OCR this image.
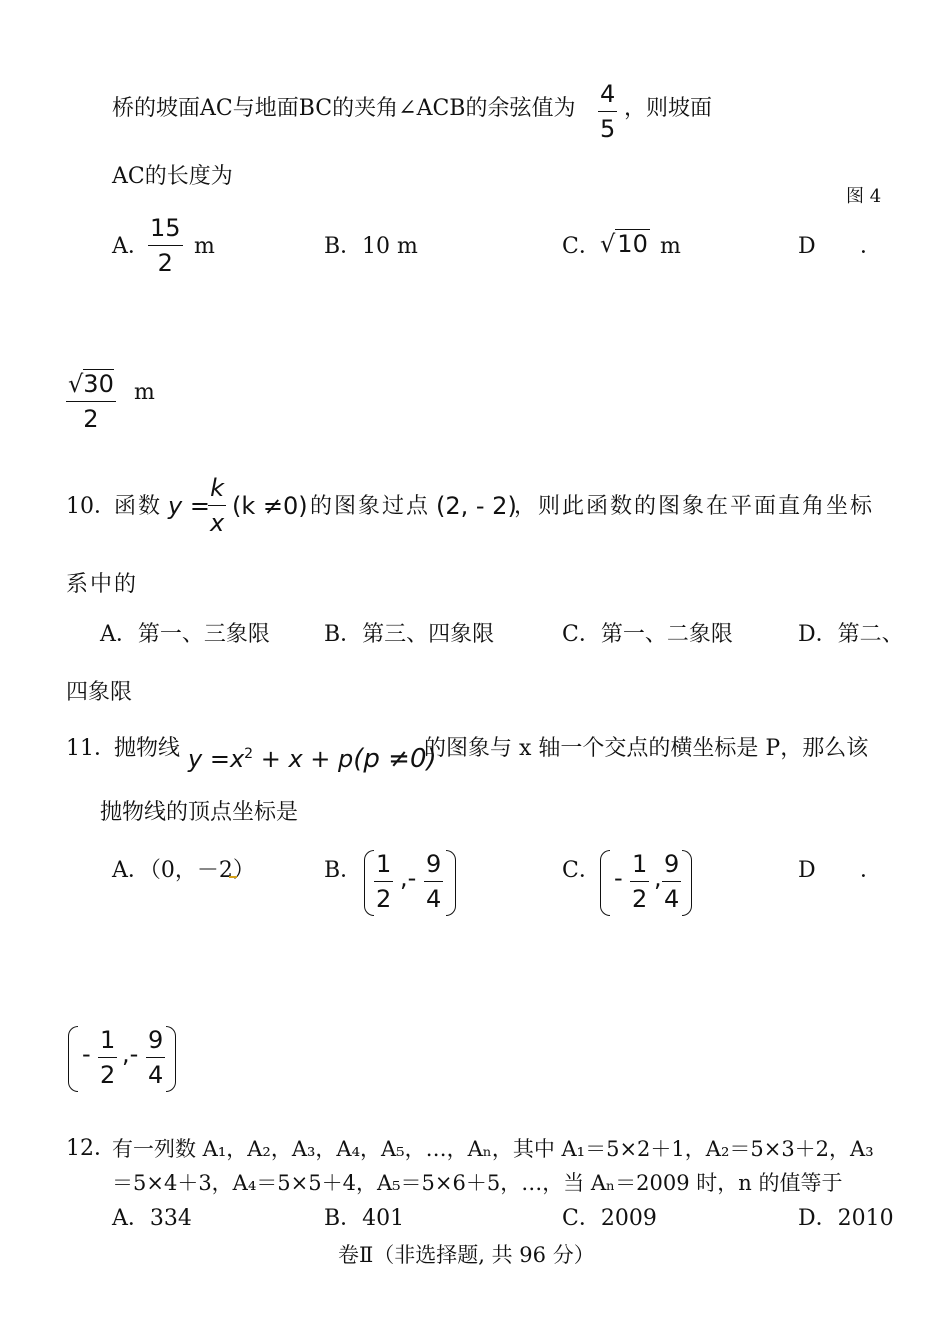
桥的坡面AC与地面BC的夹角∠ACB的余弦值为
4
5
，则坡面
AC的长度为
图 4
A．
15
2
m	B． 10 m	C． √10 m	D ．
√30
2
m
10．
函数 y =
k
x
(k ≠0) 的图象过点 (2, - 2)
，则此函数的图象在平面直角坐标
系中的
A．第一、三象限 B．第三、四象限	C．第一、二象限	D．第二、
四象限
11．
抛物线 $y =x^2 + x + p(p \ne 0)$
的图象与 x 轴一个交点的横坐标是 P，那么该
抛物线的顶点坐标是
A．（0，－2）	B． 1
2
,- 9
4
C． - 1
2
, 9
4
D ．
- 1
2
,- 9
4
12．
有一列数 A₁，A₂，A₃，A₄，A₅，…，Aₙ，其中 A₁＝5×2＋1，A₂＝5×3＋2，A₃
＝5×4＋3，A₄＝5×5＋4，A₅＝5×6＋5，…，当 Aₙ＝2009 时，n 的值等于
A．334	B．401	C．2009	D．2010
卷Ⅱ（非选择题, 共 96 分）
